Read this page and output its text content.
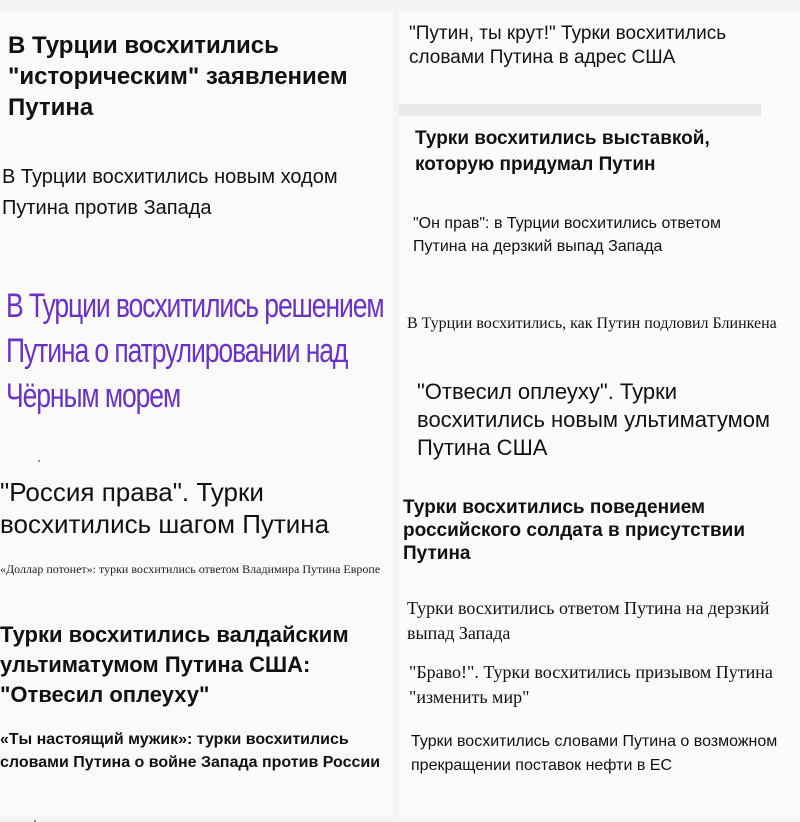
В Турции восхитились "историческим" заявлением Путина

В Турции восхитились новым ходом Путина против Запада

В Турции восхитились решением Путина о патрулировании над Чёрным морем

"Россия права". Турки восхитились шагом Путина

«Доллар потонет»: турки восхитились ответом Владимира Путина Европе

Турки восхитились валдайским ультиматумом Путина США: "Отвесил оплеуху"

«Ты настоящий мужик»: турки восхитились словами Путина о войне Запада против России

"Путин, ты крут!" Турки восхитились словами Путина в адрес США

Турки восхитились выставкой, которую придумал Путин

"Он прав": в Турции восхитились ответом Путина на дерзкий выпад Запада

В Турции восхитились, как Путин подловил Блинкена

"Отвесил оплеуху". Турки восхитились новым ультиматумом Путина США

Турки восхитились поведением российского солдата в присутствии Путина

Турки восхитились ответом Путина на дерзкий выпад Запада

"Браво!". Турки восхитились призывом Путина "изменить мир"

Турки восхитились словами Путина о возможном прекращении поставок нефти в ЕС
